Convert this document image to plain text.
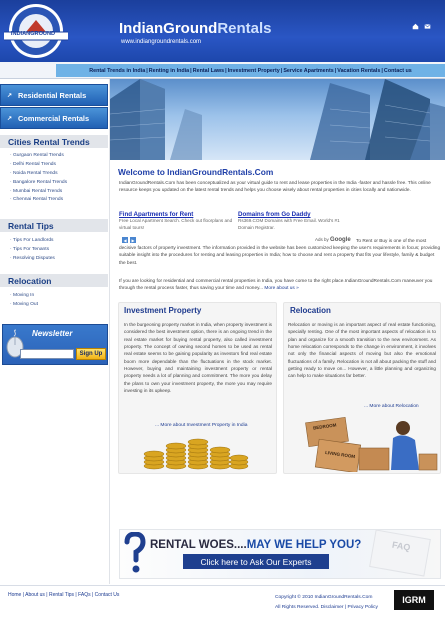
INDIANGROUND	IndianGroundRentals
www.indiangroundrentals.com
Rental Trends in India | Renting in India | Rental Laws | Investment Property | Service Apartments | Vacation Rentals | Contact us
↗ Residential Rentals
↗ Commercial Rentals
Cities Rental Trends
· Gurgaon Rental Trends
· Delhi Rental Trends
· Noida Rental Trends
· Bangalore Rental Trends
· Mumbai Rental Trends
· Chennai Rental Trends
Rental Tips
· Tips For Landlords
· Tips For Tenants
· Resolving Disputes
Relocation
· Moving In
· Moving Out
Newsletter
Sign Up
Welcome to IndianGroundRentals.Com
IndianGroundRentals.Com has been conceptualized as your virtual guide to rent and lease properties in the India -faster and hassle free. This online resource keeps you updated on the latest rental trends and helps you choose wisely about rental properties in cities locally and nationwide.
Find Apartments for Rent
Free Local Apartment Search. Check out floorplans and virtual tours!
Domains from Go Daddy
Rs369.COM Domains with Free Email. World's #1 Domain Registrar.
◀	▶	Ads by Google To Rent or Buy is one of the most
decisive factors of property investment. The information provided in the website has been customized keeping the user's requirements in focus; providing suitable insight into the procedures for renting and leasing properties in India; how to choose and rent a property that fits your lifestyle, family & budget the best.
If you are looking for residential and commercial rental properties in India, you have come to the right place.IndianGroundRentals.Com maneuver you through the rental process faster, thus saving your time and money... More about us »
Investment Property
In the burgeoning property market in India, when property investment is considered the best investment option, there is an ongoing trend in the real estate market for buying rental property, also called investment property. The concept of owning second homes to be used as rental real estate seems to be gaining popularity as investors find real estate boom more dependable than the fluctuations in the stock market. However, buying and maintaining investment property or rental property needs a lot of planning and commitment. The more you delay the plans to own your investment property, the more you may require investing in its upkeep.
... More about Investment Property in India
Relocation
Relocation or moving is an important aspect of real estate functioning, specially renting. One of the most important aspects of relocation is to plan and organize for a smooth transition to the new environment. As home relocation corresponds to the change in environment, it involves not only the financial aspects of moving but also the emotional fluctuations of a family. Relocation is not all about packing the stuff and getting ready to move on... However, a little planning and organizing can help to make situations far better.
... More about Relocation
BEDROOM
LIVING ROOM
FAQ
RENTAL WOES....MAY WE HELP YOU?
Click here to Ask Our Experts
Home | About us | Rental Tips | FAQs | Contact Us	Copyright © 2010 IndianGroundRentals.Com
All Rights Reserved. Disclaimer | Privacy Policy
IGRM
